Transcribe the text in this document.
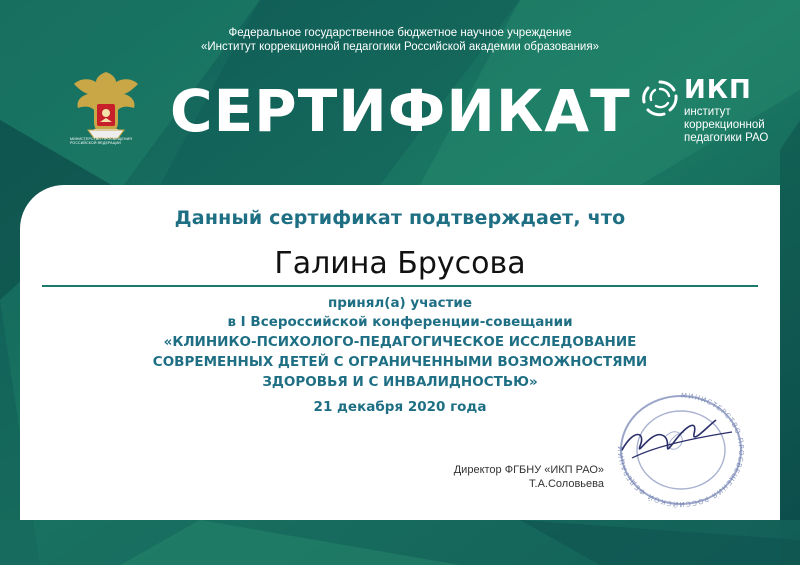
Федеральное государственное бюджетное научное учреждение
«Институт коррекционной педагогики Российской академии образования»
МИНИСТЕРСТВО ПРОСВЕЩЕНИЯ РОССИЙСКОЙ ФЕДЕРАЦИИ СЕРТИФИКАТ ИКП
институт
коррекционной
педагогики РАО
Данный сертификат подтверждает, что
Галина Брусова
принял(а) участие
в I Всероссийской конференции-совещании
«КЛИНИКО-ПСИХОЛОГО-ПЕДАГОГИЧЕСКОЕ ИССЛЕДОВАНИЕ
СОВРЕМЕННЫХ ДЕТЕЙ С ОГРАНИЧЕННЫМИ ВОЗМОЖНОСТЯМИ
ЗДОРОВЬЯ И С ИНВАЛИДНОСТЬЮ»
21 декабря 2020 года
МИНИСТЕРСТВО ПРОСВЕЩЕНИЯ РОССИЙСКОЙ ФЕДЕРАЦИИ
Директор ФГБНУ «ИКП РАО»
Т.А.Соловьева
